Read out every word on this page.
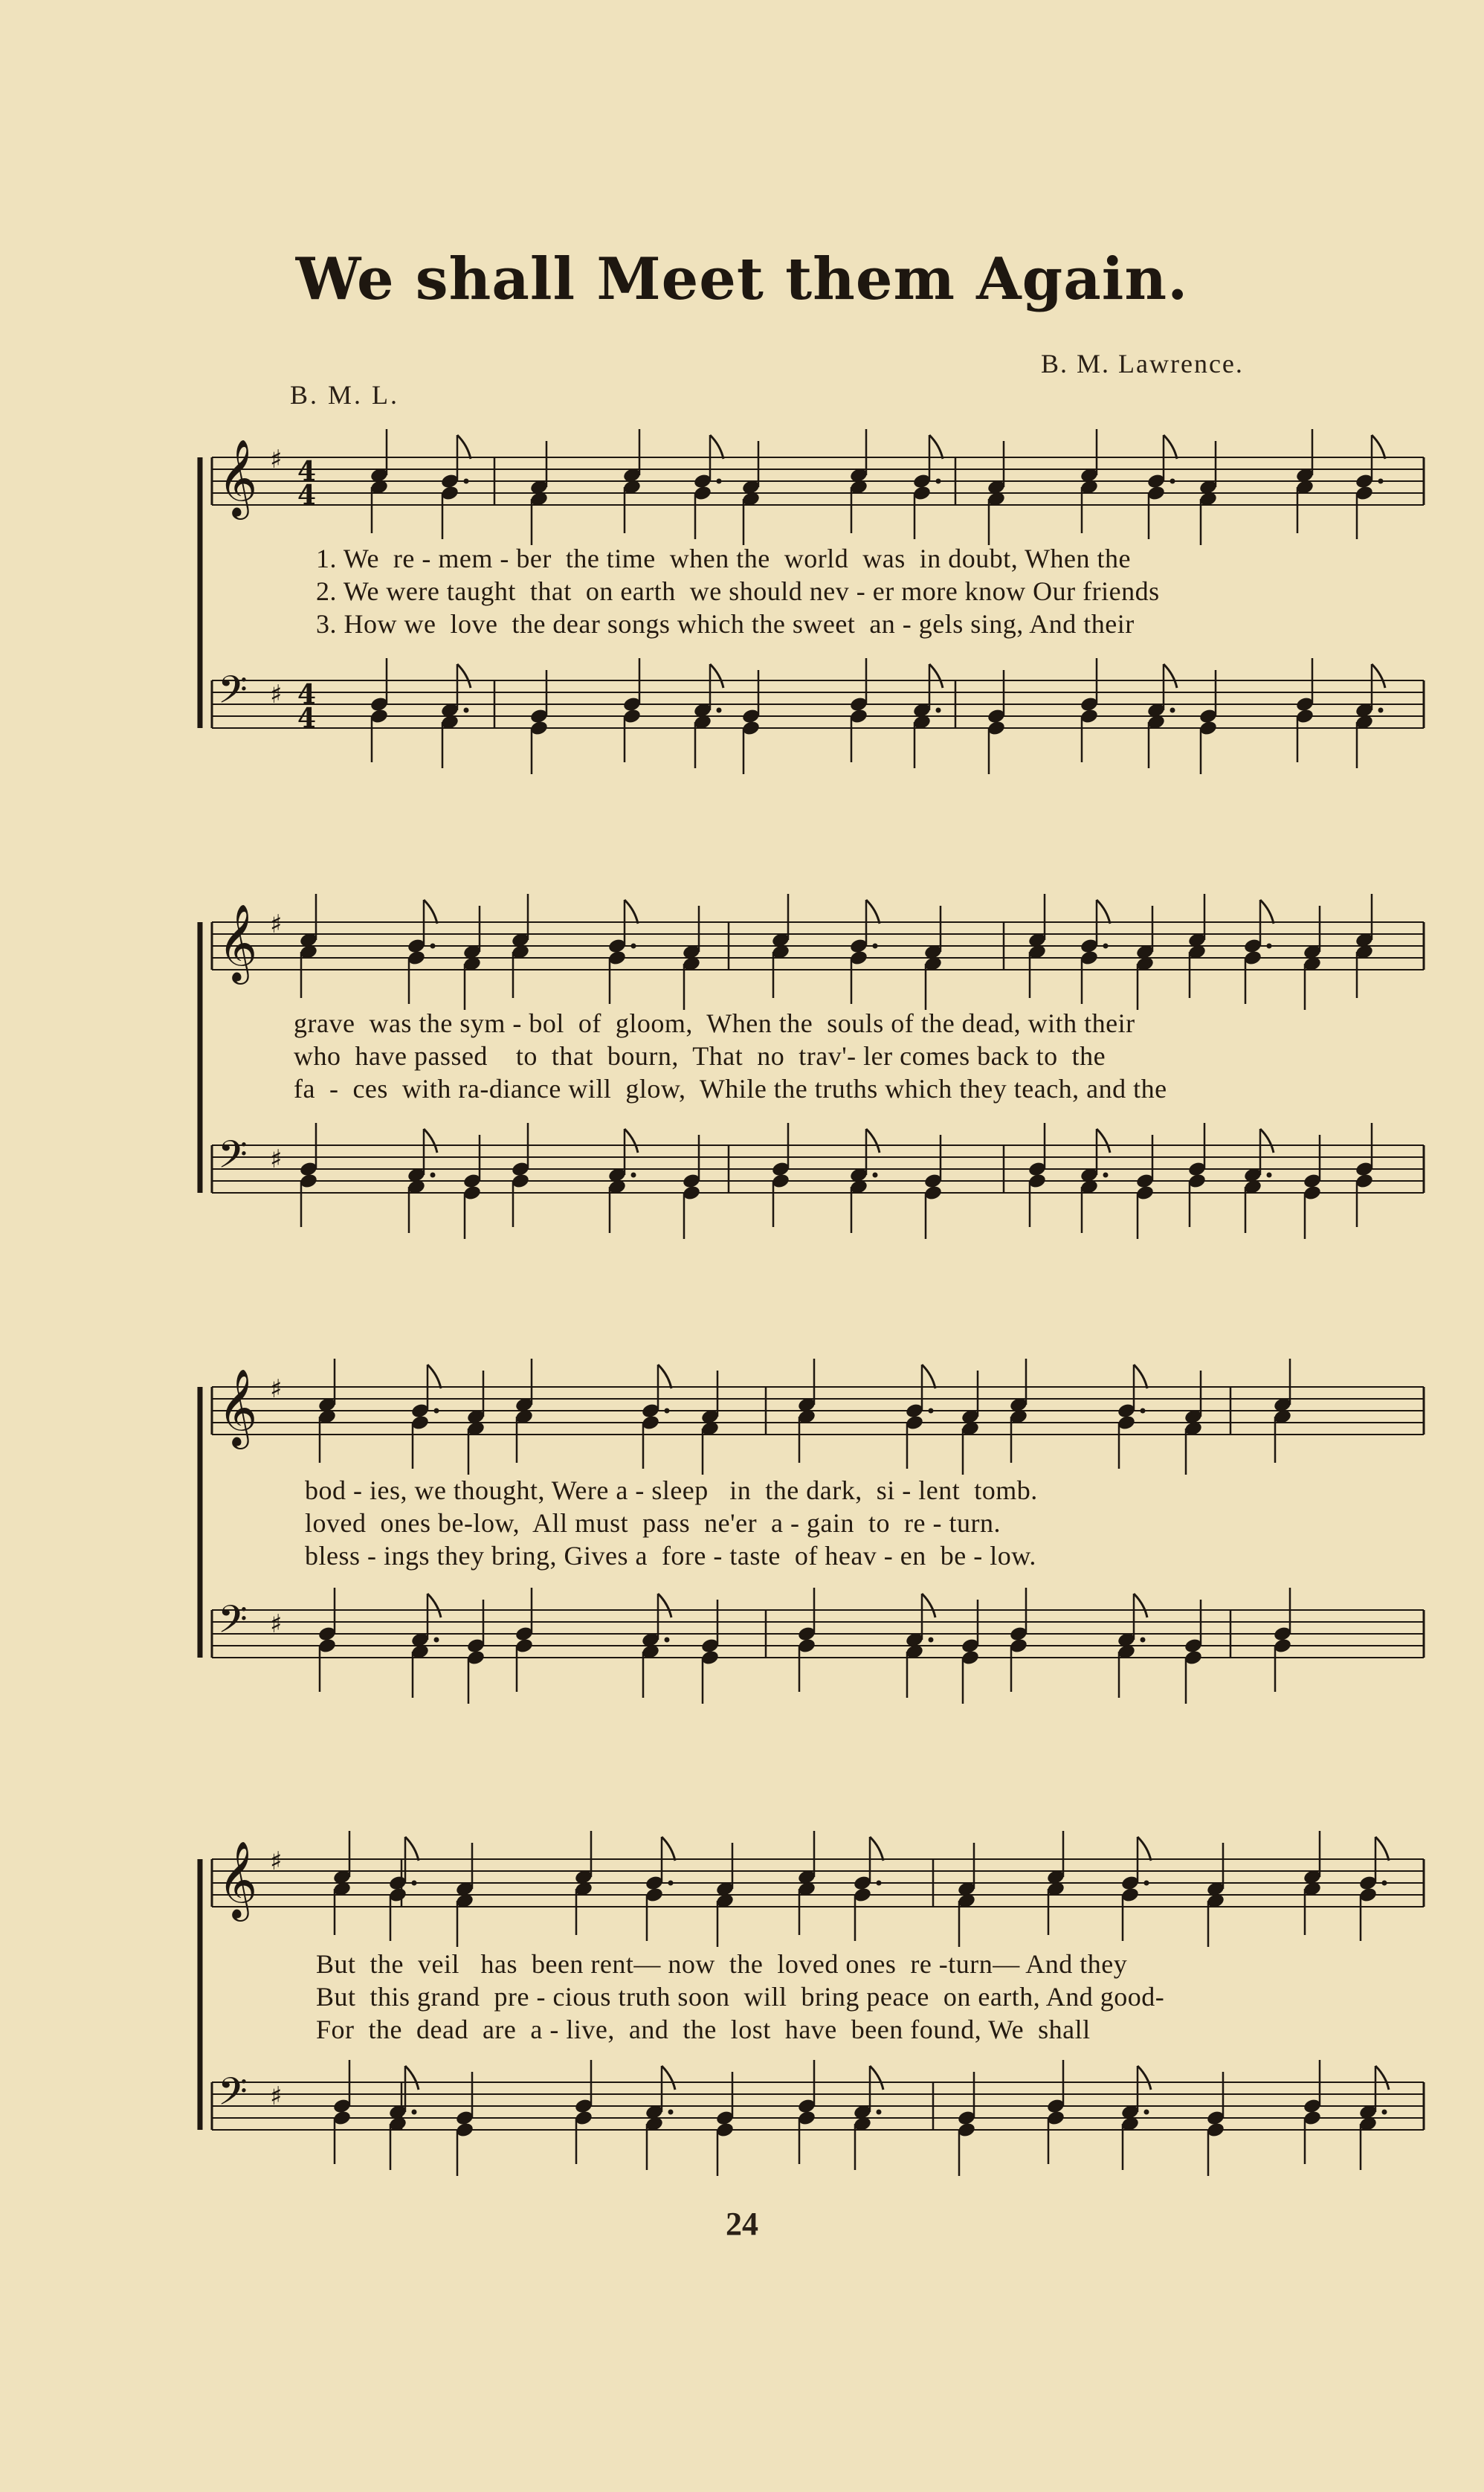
We shall Meet them Again.
B. M. Lawrence.
B. M. L.
𝄞 ♯ 4
4
𝄢 ♯ 4
4
1. We  re - mem - ber  the time  when the  world  was  in doubt, When the
2. We were taught  that  on earth  we should nev - er more know Our friends
3. How we  love  the dear songs which the sweet  an - gels sing, And their
𝄞 ♯
𝄢 ♯
grave  was the sym - bol  of  gloom,  When the  souls of the dead, with their
who  have passed    to  that  bourn,  That  no  trav'- ler comes back to  the
fa  -  ces  with ra-diance will  glow,  While the truths which they teach, and the
𝄞 ♯
𝄢 ♯
bod - ies, we thought, Were a - sleep   in  the dark,  si - lent  tomb.
loved  ones be-low,  All must  pass  ne'er  a - gain  to  re - turn.
bless - ings they bring, Gives a  fore - taste  of heav - en  be - low.
𝄞 ♯
𝄢 ♯
But  the  veil   has  been rent— now  the  loved ones  re -turn— And they
But  this grand  pre - cious truth soon  will  bring peace  on earth, And good-
For  the  dead  are  a - live,  and  the  lost  have  been found, We  shall
24
